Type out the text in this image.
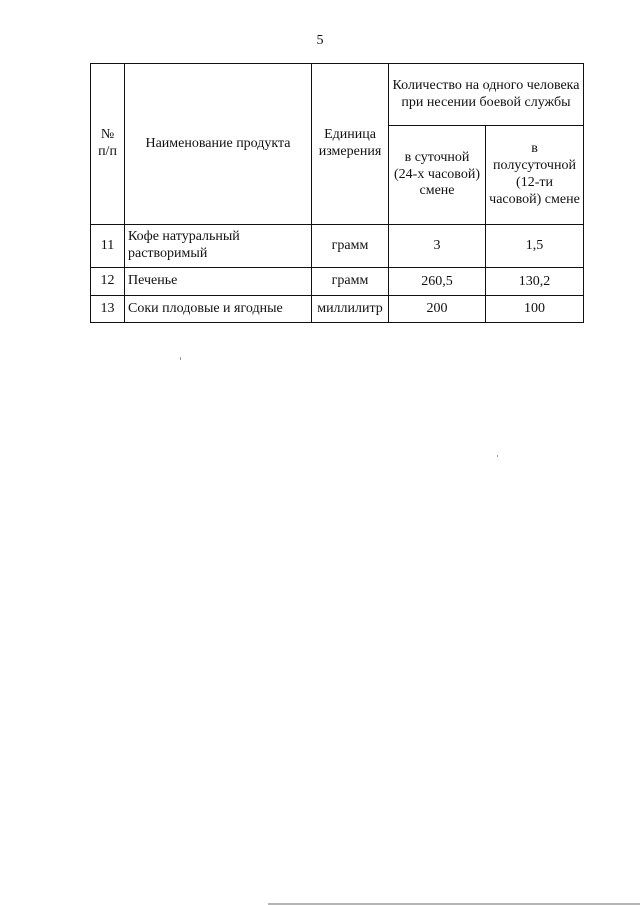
5
№ п/п	Наименование продукта	Единица измерения	Количество на одного человека при несении боевой службы	
			в суточной (24-х часовой) смене	в полусуточной (12-ти часовой) смене
11	Кофе натуральный растворимый	грамм	3	1,5
12	Печенье	грамм	260,5	130,2
13	Соки плодовые и ягодные	миллилитр	200	100
